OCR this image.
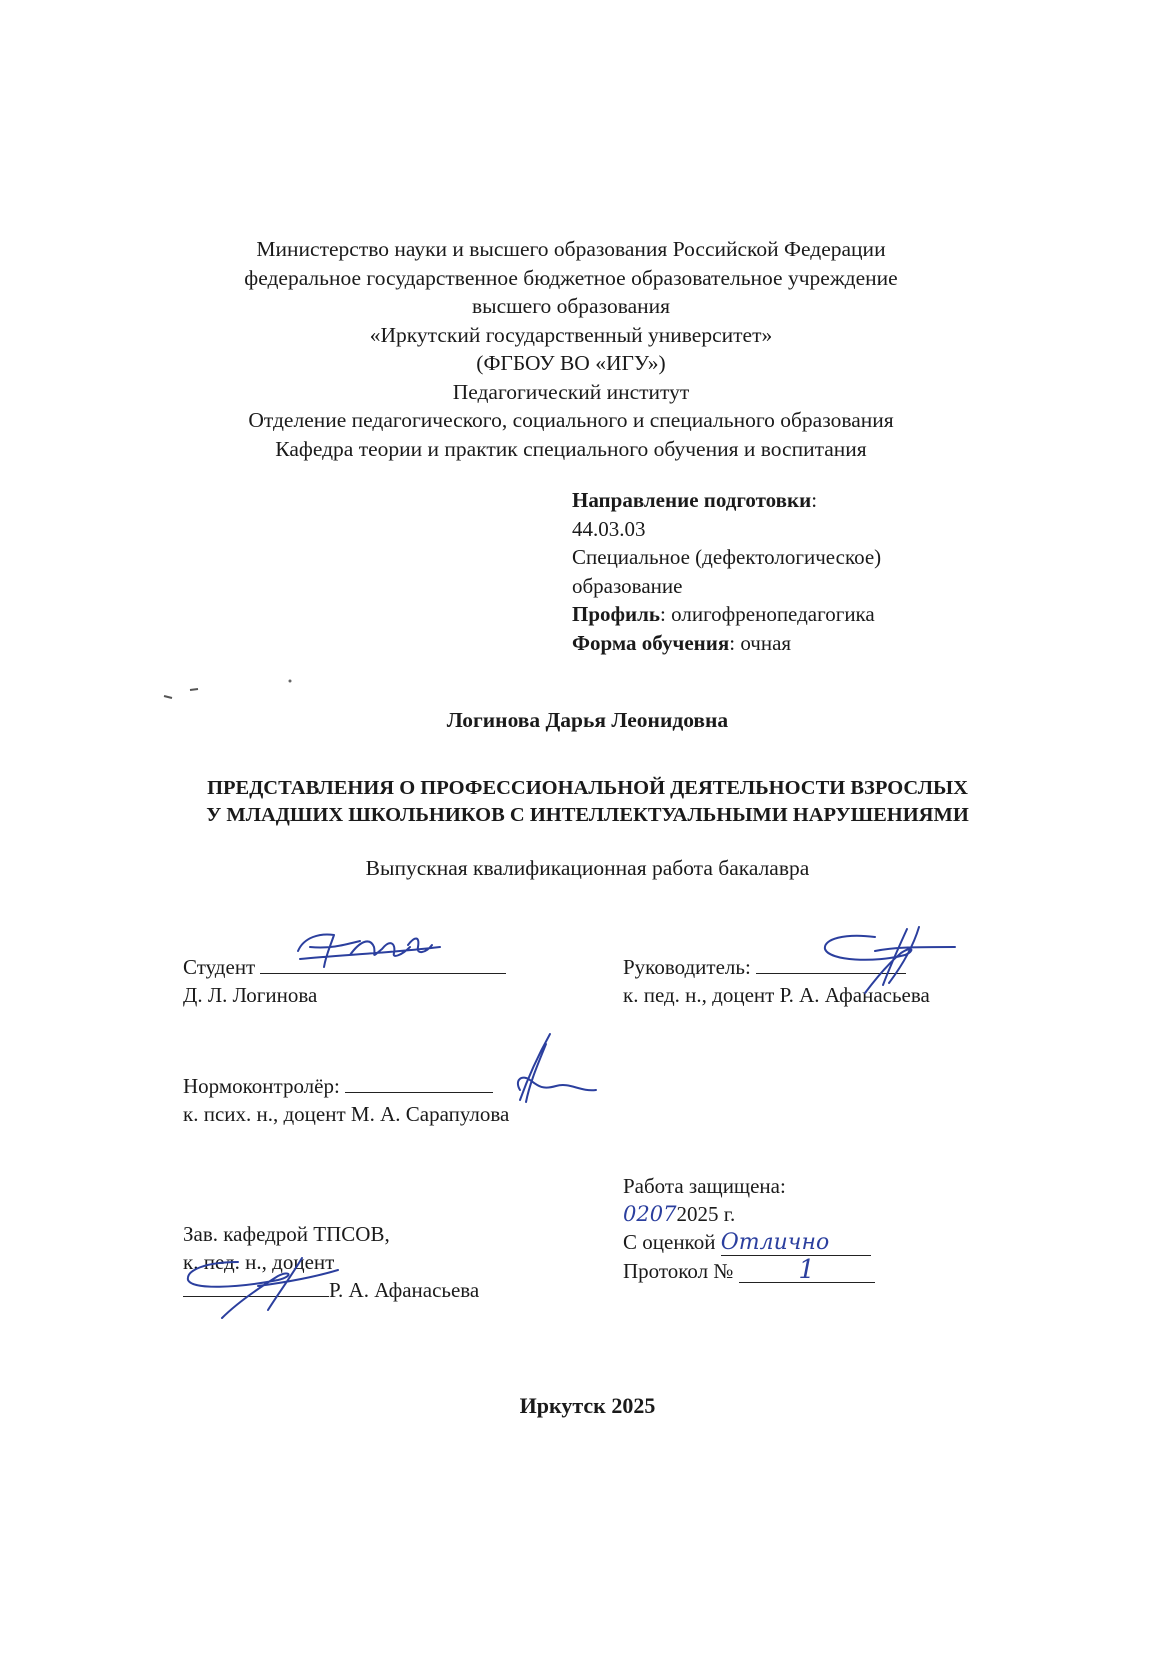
Министерство науки и высшего образования Российской Федерации
федеральное государственное бюджетное образовательное учреждение
высшего образования
«Иркутский государственный университет»
(ФГБОУ ВО «ИГУ»)
Педагогический институт
Отделение педагогического, социального и специального образования
Кафедра теории и практик специального обучения и воспитания
Направление подготовки:
44.03.03
Специальное (дефектологическое)
образование
Профиль: олигофренопедагогика
Форма обучения: очная
Логинова Дарья Леонидовна
ПРЕДСТАВЛЕНИЯ О ПРОФЕССИОНАЛЬНОЙ ДЕЯТЕЛЬНОСТИ ВЗРОСЛЫХ
У МЛАДШИХ ШКОЛЬНИКОВ С ИНТЕЛЛЕКТУАЛЬНЫМИ НАРУШЕНИЯМИ
Выпускная квалификационная работа бакалавра
Студент
Д. Л. Логинова
Руководитель:
к. пед. н., доцент Р. А. Афанасьева
Нормоконтролёр:
к. псих. н., доцент М. А. Сарапулова
Работа защищена:
02072025 г.
С оценкой Отлично
Протокол № 1
Зав. кафедрой ТПСОВ,
к. пед. н., доцент
Р. А. Афанасьева
Иркутск 2025
